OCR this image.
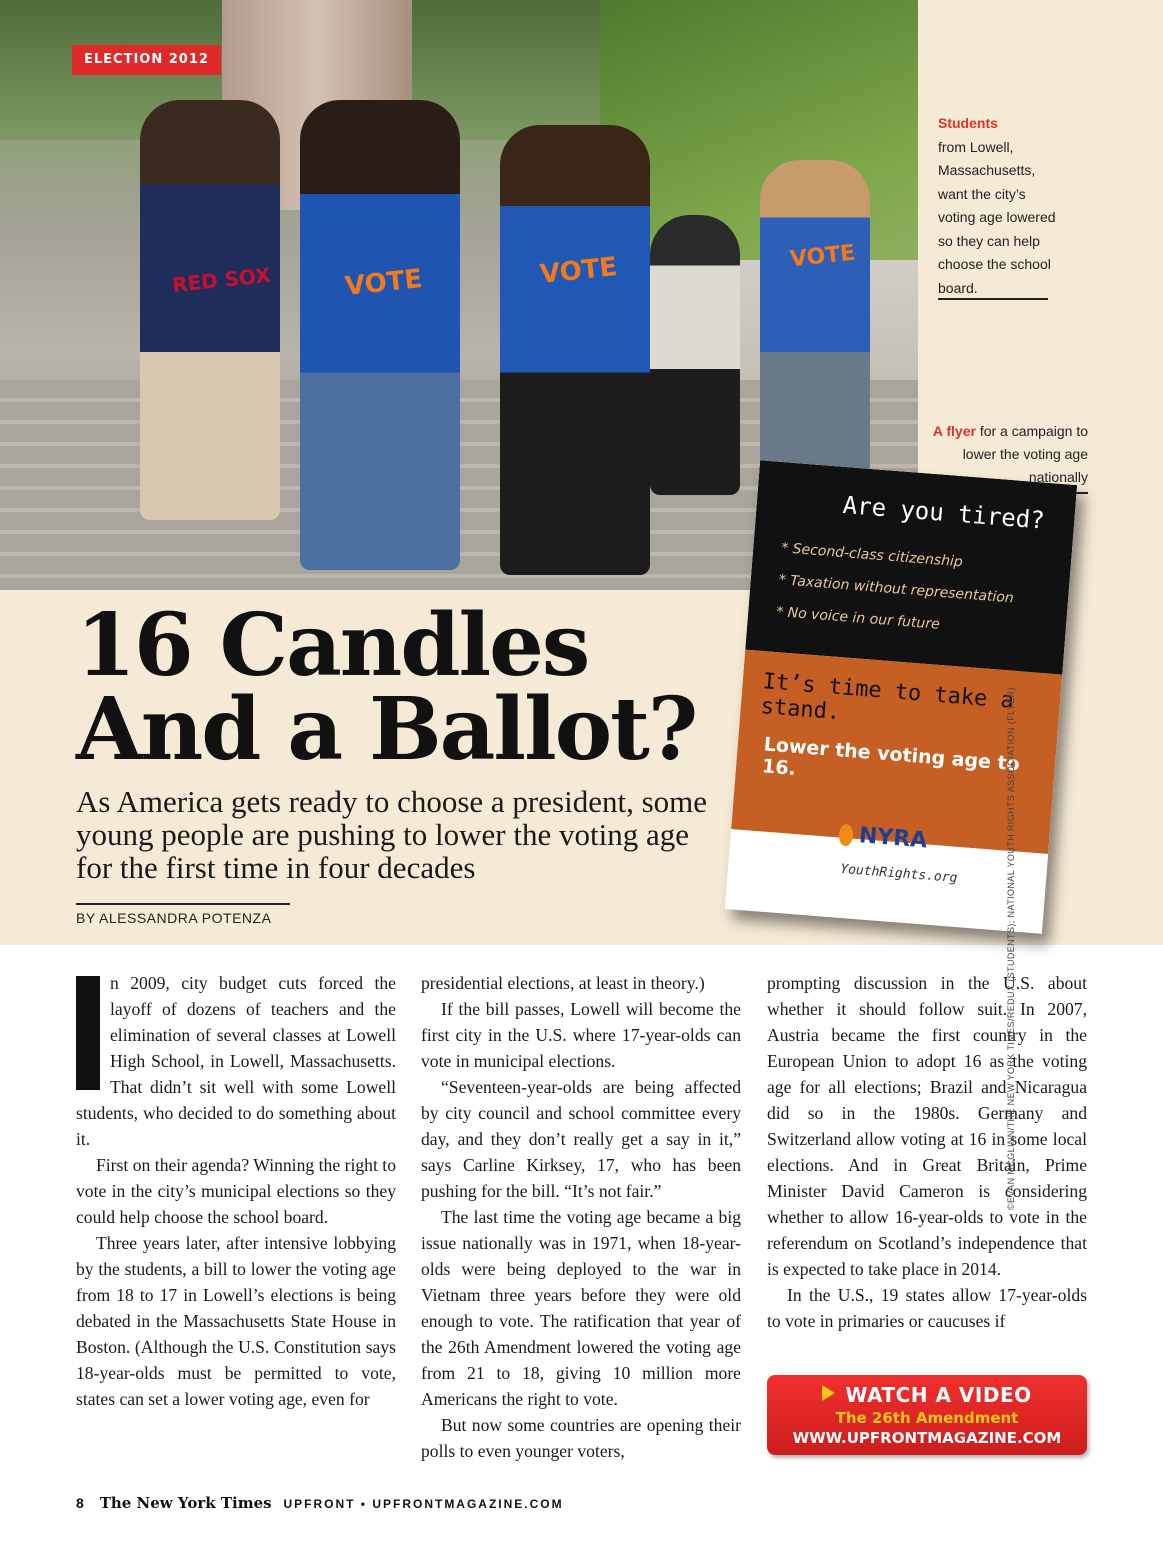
RED SOX	VOTE	VOTE	VOTE
ELECTION 2012
Students
from Lowell, Massachusetts, want the city’s voting age lowered so they can help choose the school board.
A flyer for a campaign to lower the voting age nationally
16 Candles
And a Ballot?
As America gets ready to choose a president, some young people are pushing to lower the voting age for the first time in four decades
BY ALESSANDRA POTENZA
Are you tired?
* Second-class citizenship
* Taxation without representation
* No voice in our future
It’s time to take a stand.
Lower the voting age to 16.
NYRA
YouthRights.org

n 2009, city budget cuts forced the layoff of dozens of teachers and the elimination of several classes at Lowell High School, in Lowell, Massachusetts. That didn’t sit well with some Lowell students, who decided to do something about it.

First on their agenda? Winning the right to vote in the city’s municipal elections so they could help choose the school board.

Three years later, after intensive lobbying by the students, a bill to lower the voting age from 18 to 17 in Lowell’s elections is being debated in the Massachusetts State House in Boston. (Although the U.S. Constitution says 18-year-olds must be permitted to vote, states can set a lower voting age, even for

presidential elections, at least in theory.)

If the bill passes, Lowell will become the first city in the U.S. where 17-year-olds can vote in municipal elections.

“Seventeen-year-olds are being affected by city council and school committee every day, and they don’t really get a say in it,” says Carline Kirksey, 17, who has been pushing for the bill. “It’s not fair.”

The last time the voting age became a big issue nationally was in 1971, when 18-year-olds were being deployed to the war in Vietnam three years before they were old enough to vote. The ratification that year of the 26th Amendment lowered the voting age from 21 to 18, giving 10 million more Americans the right to vote.

But now some countries are opening their polls to even younger voters,

prompting discussion in the U.S. about whether it should follow suit. In 2007, Austria became the first country in the European Union to adopt 16 as the voting age for all elections; Brazil and Nicaragua did so in the 1980s. Germany and Switzerland allow voting at 16 in some local elections. And in Great Britain, Prime Minister David Cameron is considering whether to allow 16-year-olds to vote in the referendum on Scotland’s independence that is expected to take place in 2014.

In the U.S., 19 states allow 17-year-olds to vote in primaries or caucuses if

WATCH A VIDEO
The 26th Amendment
WWW.UPFRONTMAGAZINE.COM
©EVAN MCGLINN/THE NEW YORK TIMES/REDUX (STUDENTS); NATIONAL YOUTH RIGHTS ASSOCIATION (FLYER)
8 The New York Times UPFRONT • UPFRONTMAGAZINE.COM
